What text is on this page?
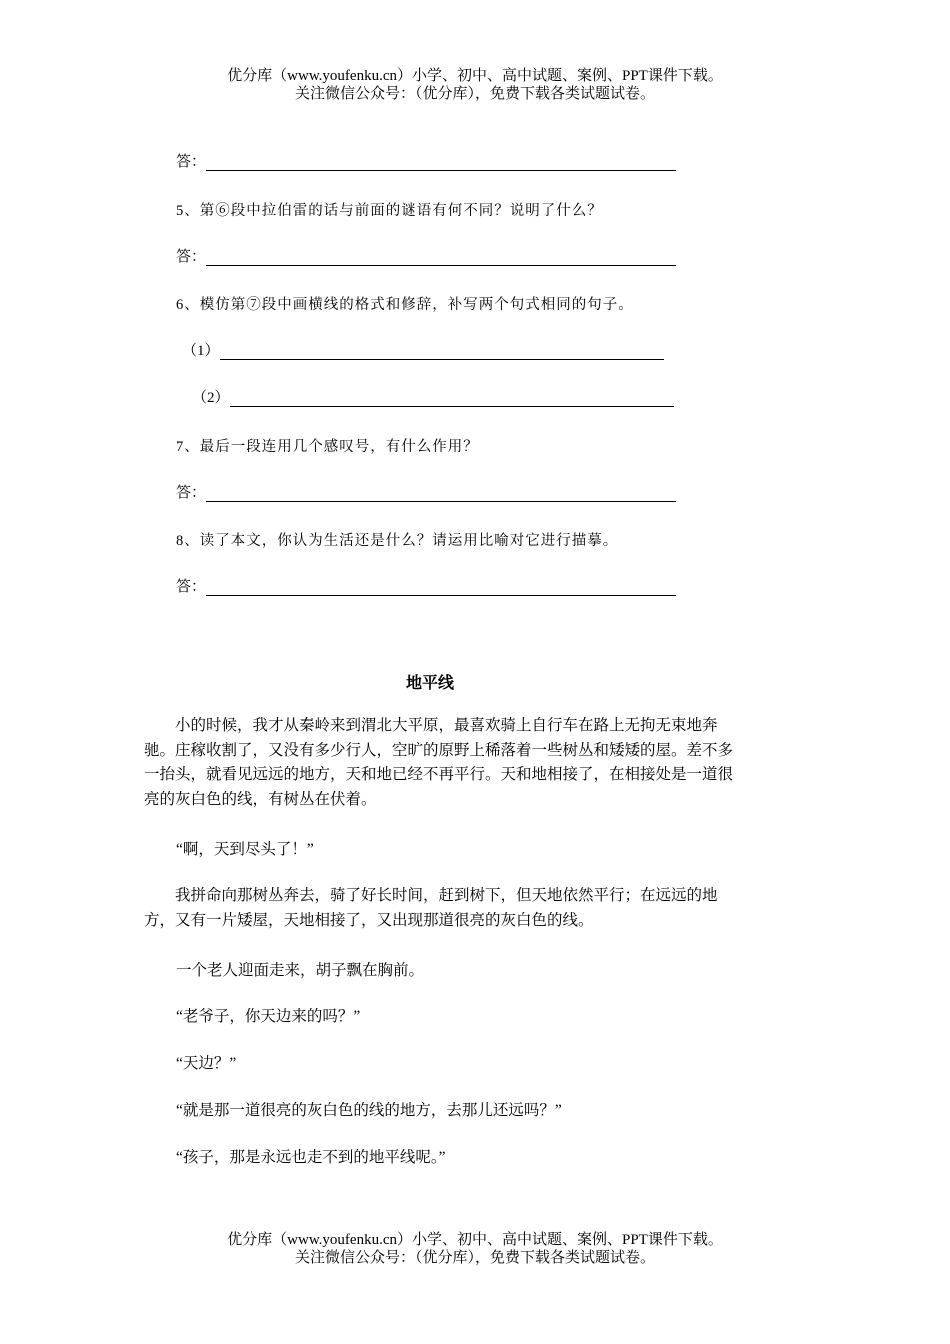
优分库（www.youfenku.cn）小学、初中、高中试题、案例、PPT课件下载。
关注微信公众号：（优分库），免费下载各类试题试卷。
答：
5、第⑥段中拉伯雷的话与前面的谜语有何不同？说明了什么？
答：
6、模仿第⑦段中画横线的格式和修辞，补写两个句式相同的句子。
（1）
（2）
7、最后一段连用几个感叹号，有什么作用？
答：
8、读了本文，你认为生活还是什么？请运用比喻对它进行描摹。
答：
地平线
小的时候，我才从秦岭来到渭北大平原，最喜欢骑上自行车在路上无拘无束地奔驰。庄稼收割了，又没有多少行人，空旷的原野上稀落着一些树丛和矮矮的屋。差不多一抬头，就看见远远的地方，天和地已经不再平行。天和地相接了，在相接处是一道很亮的灰白色的线，有树丛在伏着。
“啊，天到尽头了！”
我拼命向那树丛奔去，骑了好长时间，赶到树下，但天地依然平行；在远远的地方，又有一片矮屋，天地相接了，又出现那道很亮的灰白色的线。
一个老人迎面走来，胡子飘在胸前。
“老爷子，你天边来的吗？”
“天边？”
“就是那一道很亮的灰白色的线的地方，去那儿还远吗？”
“孩子，那是永远也走不到的地平线呢。”
优分库（www.youfenku.cn）小学、初中、高中试题、案例、PPT课件下载。
关注微信公众号：（优分库），免费下载各类试题试卷。
